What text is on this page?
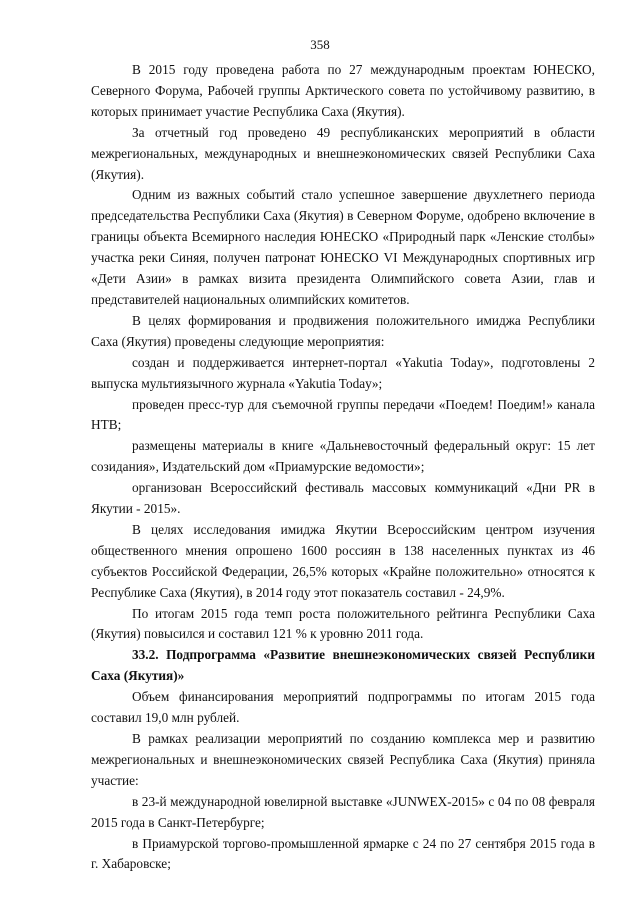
358

В 2015 году проведена работа по 27 международным проектам ЮНЕСКО, Северного Форума, Рабочей группы Арктического совета по устойчивому развитию, в которых принимает участие Республика Саха (Якутия).

За отчетный год проведено 49 республиканских мероприятий в области межрегиональных, международных и внешнеэкономических связей Республики Саха (Якутия).

Одним из важных событий стало успешное завершение двухлетнего периода председательства Республики Саха (Якутия) в Северном Форуме, одобрено включение в границы объекта Всемирного наследия ЮНЕСКО «Природный парк «Ленские столбы» участка реки Синяя, получен патронат ЮНЕСКО VI Международных спортивных игр «Дети Азии» в рамках визита президента Олимпийского совета Азии, глав и представителей национальных олимпийских комитетов.

В целях формирования и продвижения положительного имиджа Республики Саха (Якутия) проведены следующие мероприятия:

создан и поддерживается интернет-портал «Yakutia Today», подготовлены 2 выпуска мультиязычного журнала «Yakutia Today»;

проведен пресс-тур для съемочной группы передачи «Поедем! Поедим!» канала НТВ;

размещены материалы в книге «Дальневосточный федеральный округ: 15 лет созидания», Издательский дом «Приамурские ведомости»;

организован Всероссийский фестиваль массовых коммуникаций «Дни PR в Якутии - 2015».

В целях исследования имиджа Якутии Всероссийским центром изучения общественного мнения опрошено 1600 россиян в 138 населенных пунктах из 46 субъектов Российской Федерации, 26,5% которых «Крайне положительно» относятся к Республике Саха (Якутия), в 2014 году этот показатель составил - 24,9%.

По итогам 2015 года темп роста положительного рейтинга Республики Саха (Якутия) повысился и составил 121 % к уровню 2011 года.

33.2. Подпрограмма «Развитие внешнеэкономических связей Республики Саха (Якутия)»

Объем финансирования мероприятий подпрограммы по итогам 2015 года составил 19,0 млн рублей.

В рамках реализации мероприятий по созданию комплекса мер и развитию межрегиональных и внешнеэкономических связей Республика Саха (Якутия) приняла участие:

в 23-й международной ювелирной выставке «JUNWEX-2015» с 04 по 08 февраля 2015 года в Санкт-Петербурге;

в Приамурской торгово-промышленной ярмарке с 24 по 27 сентября 2015 года в г. Хабаровске;
